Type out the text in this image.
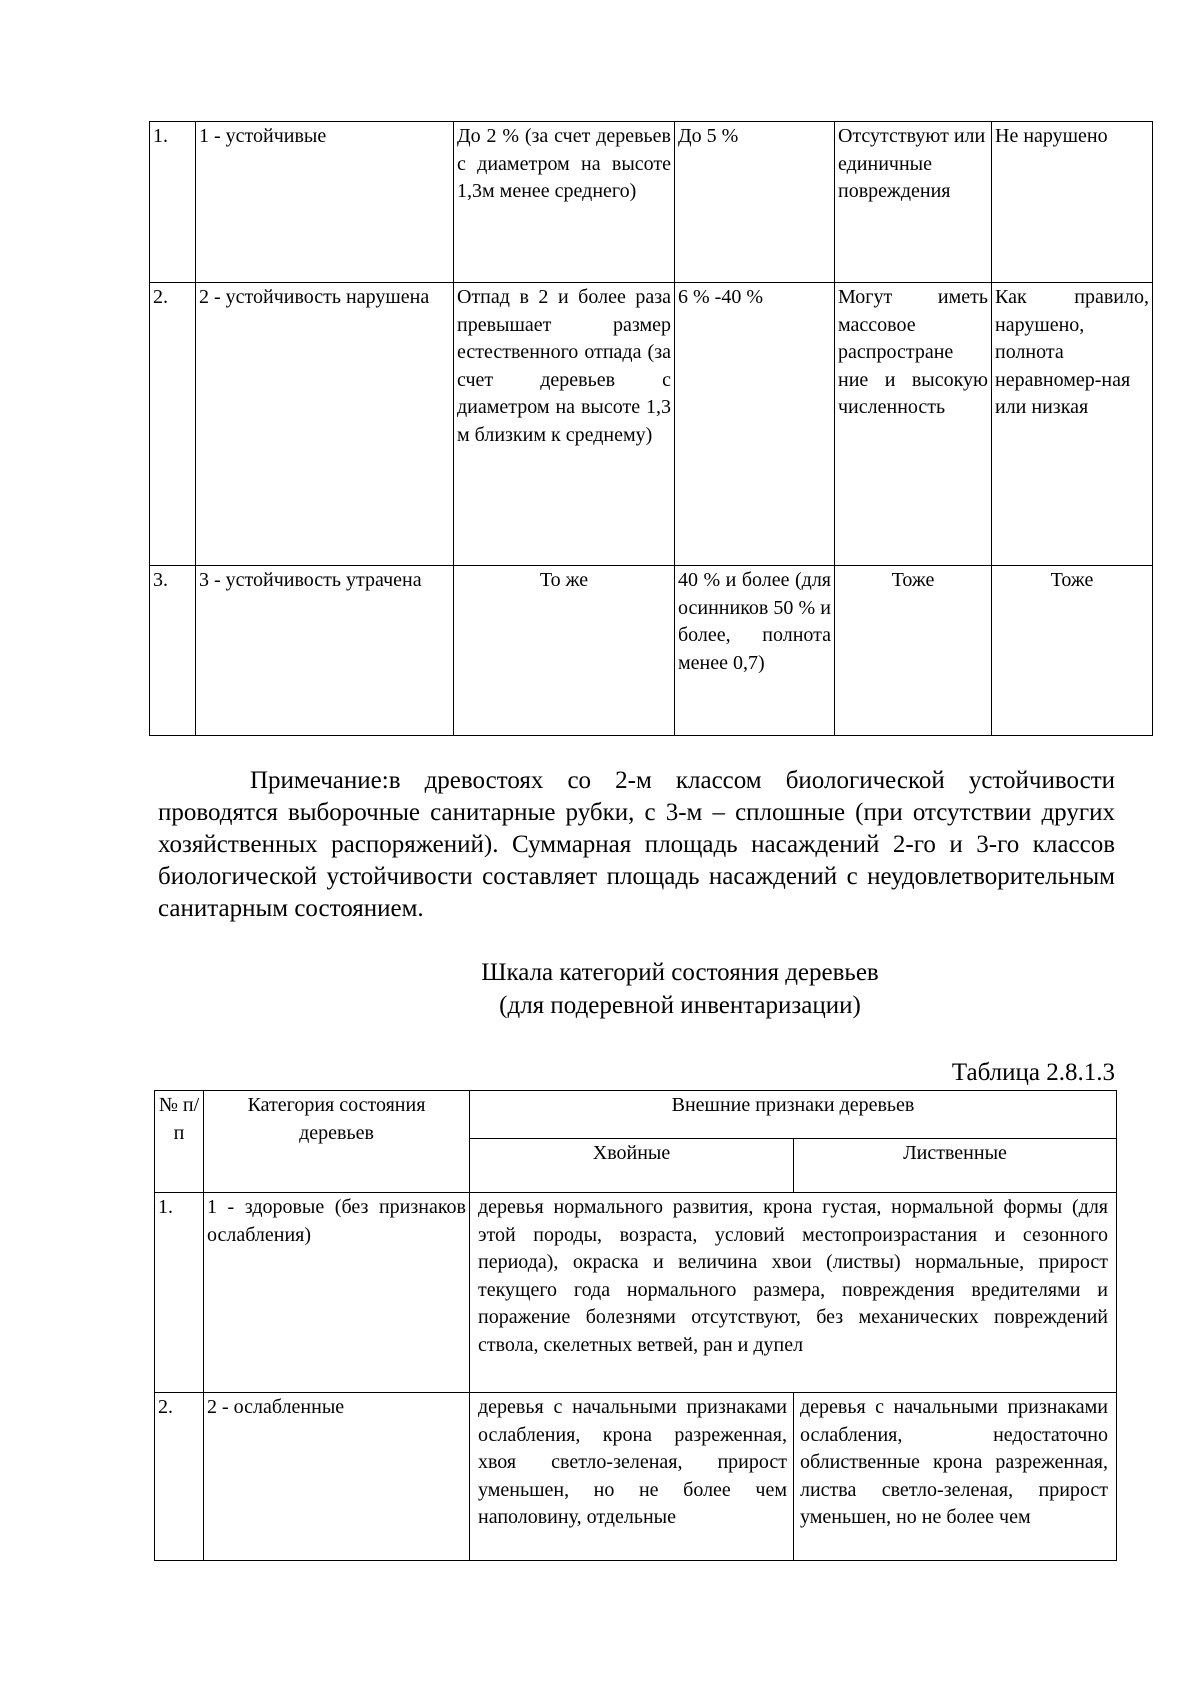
1.	1 - устойчивые	До 2 % (за счет деревьев с диаметром на высоте 1,3м менее среднего)	До 5 %	Отсутствуют или единичные повреждения	Не нарушено
2.	2 - устойчивость нарушена	Отпад в 2 и более раза превышает размер естественного отпада (за счет деревьев с диаметром на высоте 1,3 м близким к среднему)	6 % -40 %	Могут иметь массовое распростране ние и высокую численность	Как правило, нарушено, полнота неравномер-ная или низкая
3.	3 - устойчивость утрачена	То же	40 % и более (для осинников 50 % и более, полнота менее 0,7)	Тоже	Тоже

Примечание:в древостоях со 2-м классом биологической устойчивости проводятся выборочные санитарные рубки, с 3-м – сплошные (при отсутствии других хозяйственных распоряжений). Суммарная площадь насаждений 2-го и 3-го классов биологической устойчивости составляет площадь насаждений с неудовлетворительным санитарным состоянием.

Шкала категорий состояния деревьев
(для подеревной инвентаризации)
Таблица 2.8.1.3
№ п/п	Категория состояния деревьев	Внешние признаки деревьев	
		Хвойные	Лиственные
1.	1 - здоровые (без признаков ослабления)	деревья нормального развития, крона густая, нормальной формы (для этой породы, возраста, условий местопроизрастания и сезонного периода), окраска и величина хвои (листвы) нормальные, прирост текущего года нормального размера, повреждения вредителями и поражение болезнями отсутствуют, без механических повреждений ствола, скелетных ветвей, ран и дупел	
2.	2 - ослабленные	деревья с начальными признаками ослабления, крона разреженная, хвоя светло-зеленая, прирост уменьшен, но не более чем наполовину, отдельные	деревья с начальными признаками ослабления, недостаточно облиственные крона разреженная, листва светло-зеленая, прирост уменьшен, но не более чем
